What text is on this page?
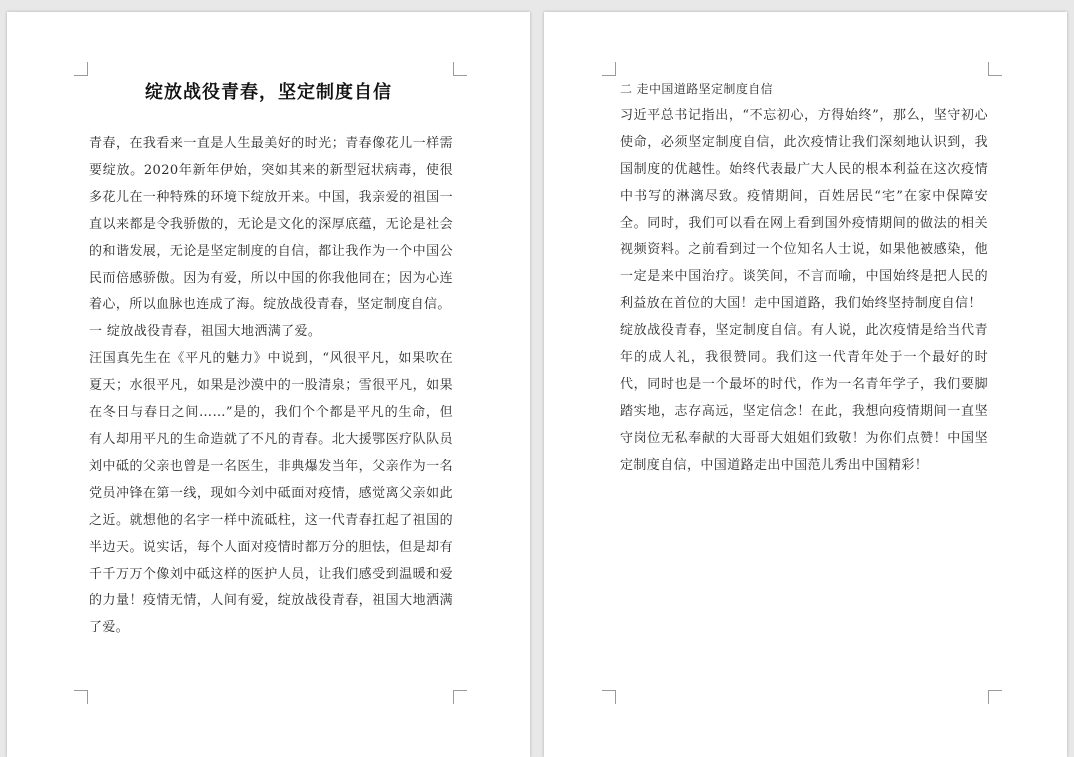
绽放战役青春，坚定制度自信

青春，在我看来一直是人生最美好的时光；青春像花儿一样需要绽放。2020年新年伊始，突如其来的新型冠状病毒，使很多花儿在一种特殊的环境下绽放开来。中国，我亲爱的祖国一直以来都是令我骄傲的，无论是文化的深厚底蕴，无论是社会的和谐发展，无论是坚定制度的自信，都让我作为一个中国公民而倍感骄傲。因为有爱，所以中国的你我他同在；因为心连着心，所以血脉也连成了海。绽放战役青春，坚定制度自信。

一 绽放战役青春，祖国大地洒满了爱。

汪国真先生在《平凡的魅力》中说到，“风很平凡，如果吹在夏天；水很平凡，如果是沙漠中的一股清泉；雪很平凡，如果在冬日与春日之间……”是的，我们个个都是平凡的生命，但有人却用平凡的生命造就了不凡的青春。北大援鄂医疗队队员刘中砥的父亲也曾是一名医生，非典爆发当年，父亲作为一名党员冲锋在第一线，现如今刘中砥面对疫情，感觉离父亲如此之近。就想他的名字一样中流砥柱，这一代青春扛起了祖国的半边天。说实话，每个人面对疫情时都万分的胆怯，但是却有千千万万个像刘中砥这样的医护人员，让我们感受到温暖和爱的力量！疫情无情，人间有爱，绽放战役青春，祖国大地洒满了爱。

二 走中国道路坚定制度自信

习近平总书记指出，“不忘初心，方得始终”，那么，坚守初心使命，必须坚定制度自信，此次疫情让我们深刻地认识到，我国制度的优越性。始终代表最广大人民的根本利益在这次疫情中书写的淋漓尽致。疫情期间，百姓居民“宅”在家中保障安全。同时，我们可以看在网上看到国外疫情期间的做法的相关视频资料。之前看到过一个位知名人士说，如果他被感染，他一定是来中国治疗。谈笑间，不言而喻，中国始终是把人民的利益放在首位的大国！走中国道路，我们始终坚持制度自信！

绽放战役青春，坚定制度自信。有人说，此次疫情是给当代青年的成人礼，我很赞同。我们这一代青年处于一个最好的时代，同时也是一个最坏的时代，作为一名青年学子，我们要脚踏实地，志存高远，坚定信念！在此，我想向疫情期间一直坚守岗位无私奉献的大哥哥大姐姐们致敬！为你们点赞！中国坚定制度自信，中国道路走出中国范儿秀出中国精彩！
